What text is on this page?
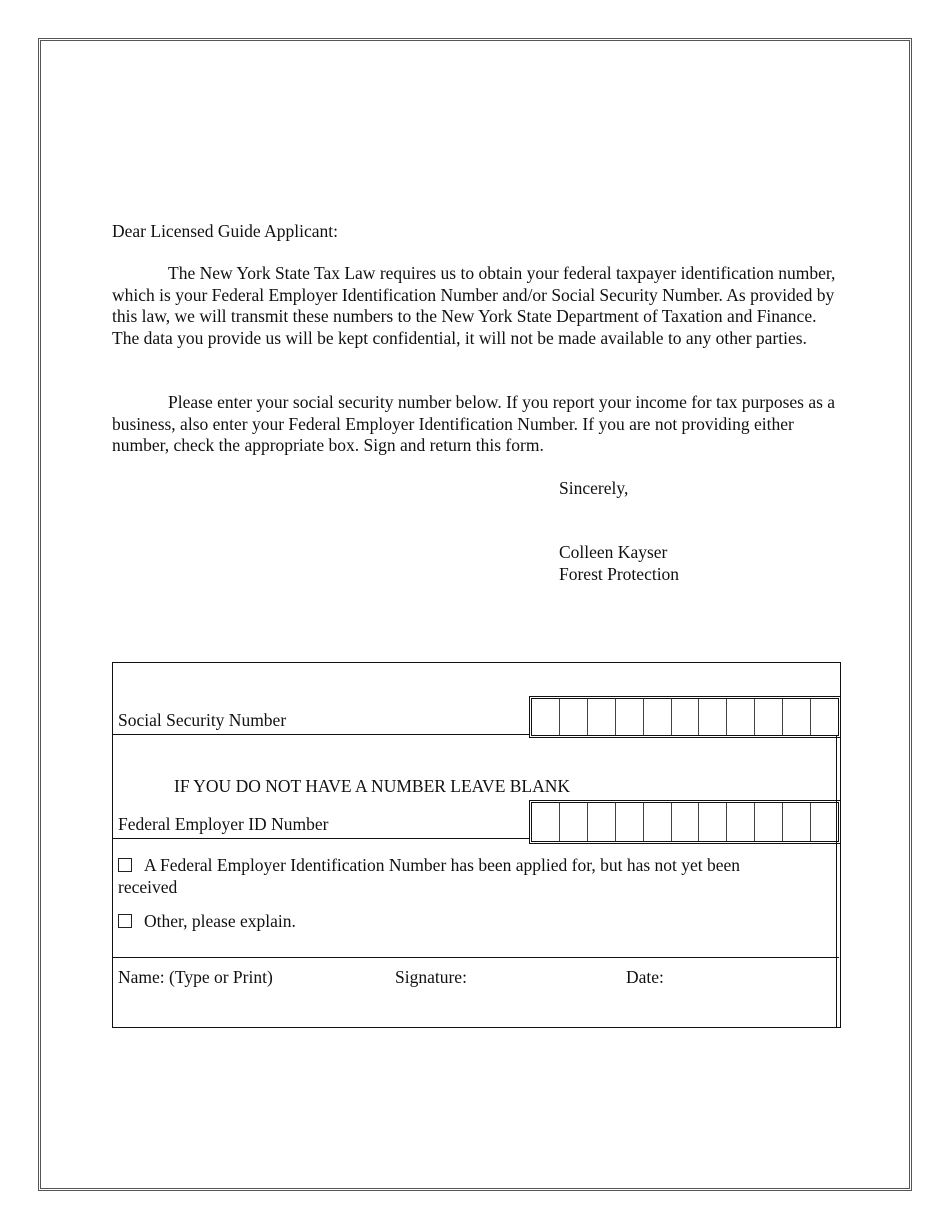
Dear Licensed Guide Applicant:

The New York State Tax Law requires us to obtain your federal taxpayer identification number, which is your Federal Employer Identification Number and/or Social Security Number. As provided by this law, we will transmit these numbers to the New York State Department of Taxation and Finance. The data you provide us will be kept confidential, it will not be made available to any other parties.

Please enter your social security number below. If you report your income for tax purposes as a business, also enter your Federal Employer Identification Number. If you are not providing either number, check the appropriate box. Sign and return this form.

Sincerely,
Colleen Kayser
Forest Protection
Social Security Number
IF YOU DO NOT HAVE A NUMBER LEAVE BLANK
Federal Employer ID Number
A Federal Employer Identification Number has been applied for, but has not yet been received
Other, please explain.
Name: (Type or Print)	Signature:	Date:
